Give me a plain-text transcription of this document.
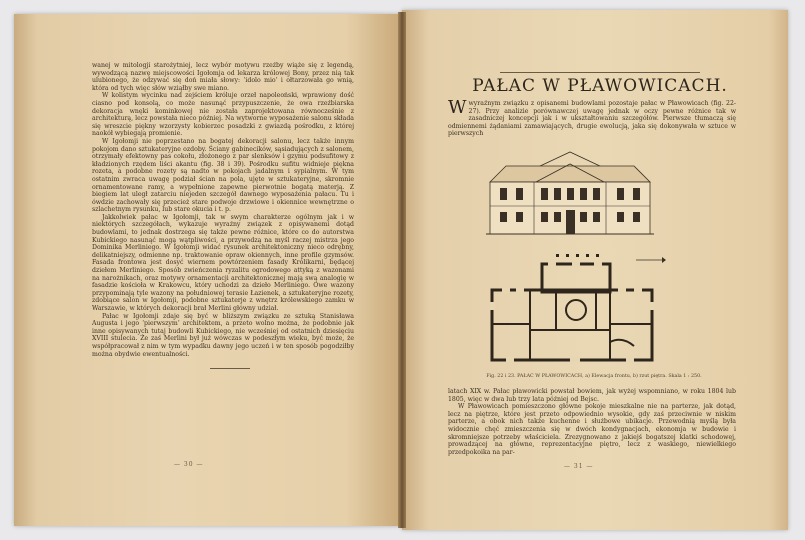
wanej w mitologji starożytniej, lecz wybór motywu rzeźby wiąże się z legendą, wywodzącą nazwę miejscowości Igołomja od lekarza królowej Bony, przez nią tak ulubionego, że odzywać się doń miała słowy: ‘idolo mio’ i ołtarzowała go wnią, która od tych więc słów wziąłby swe miano.

W kolistym wycinku nad zejściem króluje orzeł napoleoński, wprawiony dość ciasno pod konsolą, co może nasunąć przypuszczenie, że owa rzeźbiarska dekoracja wnęki kominkowej nie została zaprojektowana równocześnie z architekturą, lecz powstała nieco później. Na wytworne wyposażenie salonu składa się wreszcie piękny wzorzysty kobierzec posadzki z gwiazdą pośrodku, z której naokół wybiegają promienie.

W Igołomji nie poprzestano na bogatej dekoracji salonu, lecz także innym pokojom dano sztukateryjne ozdoby. Ściany gabinecików, sąsiadujących z salonem, otrzymały efektowny pas cokołu, złożonego z par slenksów i gzymu podsufitowy z kładzionych rzędem liści akantu (fig. 38 i 39). Pośrodku sufitu widnieje piękna rozeta, a podobne rozety są nadto w pokojach jadalnym i sypialnym. W tym ostatnim zwraca uwagę podział ścian na pola, ujęte w sztukateryjne, skromnie ornamentowane ramy, a wypełnione zapewne pierwotnie bogatą materją. Z biegiem lat uległ zatarciu niejeden szczegół dawnego wyposażenia pałacu. Tu i ówdzie zachowały się przecież stare podwoje drzwiowe i okiennice wewnętrzne o szlachetnym rysunku, lub stare okucia i t. p.

Jakkolwiek pałac w Igołomji, tak w swym charakterze ogólnym jak i w niektórych szczegółach, wykazuje wyraźny związek z opisywanemi dotąd budowlami, to jednak dostrzega się także pewne różnice, które co do autorstwa Kubickiego nasunąć mogą wątpliwości, a przywodzą na myśl raczej mistrza jego Dominika Merliniego. W Igołomji widać rysunek architektoniczny nieco odrębny, delikatniejszy, odmienne np. traktowanie opraw okiennych, inne profile gzymsów. Fasada frontowa jest dosyć wiernem powtórzeniem fasady Królikarni, będącej dziełem Merliniego. Sposób zwieńczenia ryzalitu ogrodowego attyką z wazonami na narożnikach, oraz motywy ornamentacji architektonicznej mają swą analogię w fasadzie kościoła w Krakowcu, który uchodzi za dzieło Merliniego. Owe wazony przypominają tyle wazony na południowej terasie Łazienek, a sztukateryjne rozety, zdobiące salon w Igołomji, podobne sztukaterje z wnętrz królewskiego zamku w Warszawie, w których dekoracji brał Merlini główny udział.

Pałac w Igołomji zdaje się być w bliższym związku ze sztuką Stanisława Augusta i jego ‘pierwszym’ architektem, a przeto wolno można, że podobnie jak inne opisywanych tutaj budowli Kubickiego, nie wcześniej od ostatnich dziesięciu XVIII stulecia. Że zaś Merlini był już wówczas w podeszłym wieku, być może, że współpracował z nim w tym wypadku dawny jego uczeń i w ten sposób pogodziłby można obydwie ewentualności.

— 30 —
PAŁAC W PŁAWOWICACH.
W wyraźnym związku z opisanemi budowlami pozostaje pałac w Pławowicach (fig. 22-27). Przy analizie porównawczej uwagę jednak w oczy pewne różnice tak w zasadniczej koncepcji jak i w ukształtowaniu szczegółów. Pierwsze tłumaczą się odmiennemi żądaniami zamawiających, drugie ewolucją, jaka się dokonywała w sztuce w pierwszych
Fig. 22 i 23. PAŁAC W PŁAWOWICACH, a) Elewacja frontu, b) rzut piętra. Skala 1 : 250.

latach XIX w. Pałac pławowicki powstał bowiem, jak wyżej wspomniano, w roku 1804 lub 1805, więc w dwa lub trzy lata później od Bejsc.

W Pławowicach pomieszczono główne pokoje mieszkalne nie na parterze, jak dotąd, lecz na piętrze, które jest przeto odpowiednio wysokie, gdy zaś przeciwnie w niskim parterze, a obok nich także kuchenne i służbowe ubikacje. Przewodnią myślą była widocznie chęć zmieszczenia się w dwóch kondygnacjach, ekonomja w budowie i skromniejsze potrzeby właściciela. Zrezygnowano z jakiejś bogatszej klatki schodowej, prowadzącej na główne, reprezentacyjne piętro, lecz z waskiego, niewielkiego przedpokoika na par-

— 31 —
